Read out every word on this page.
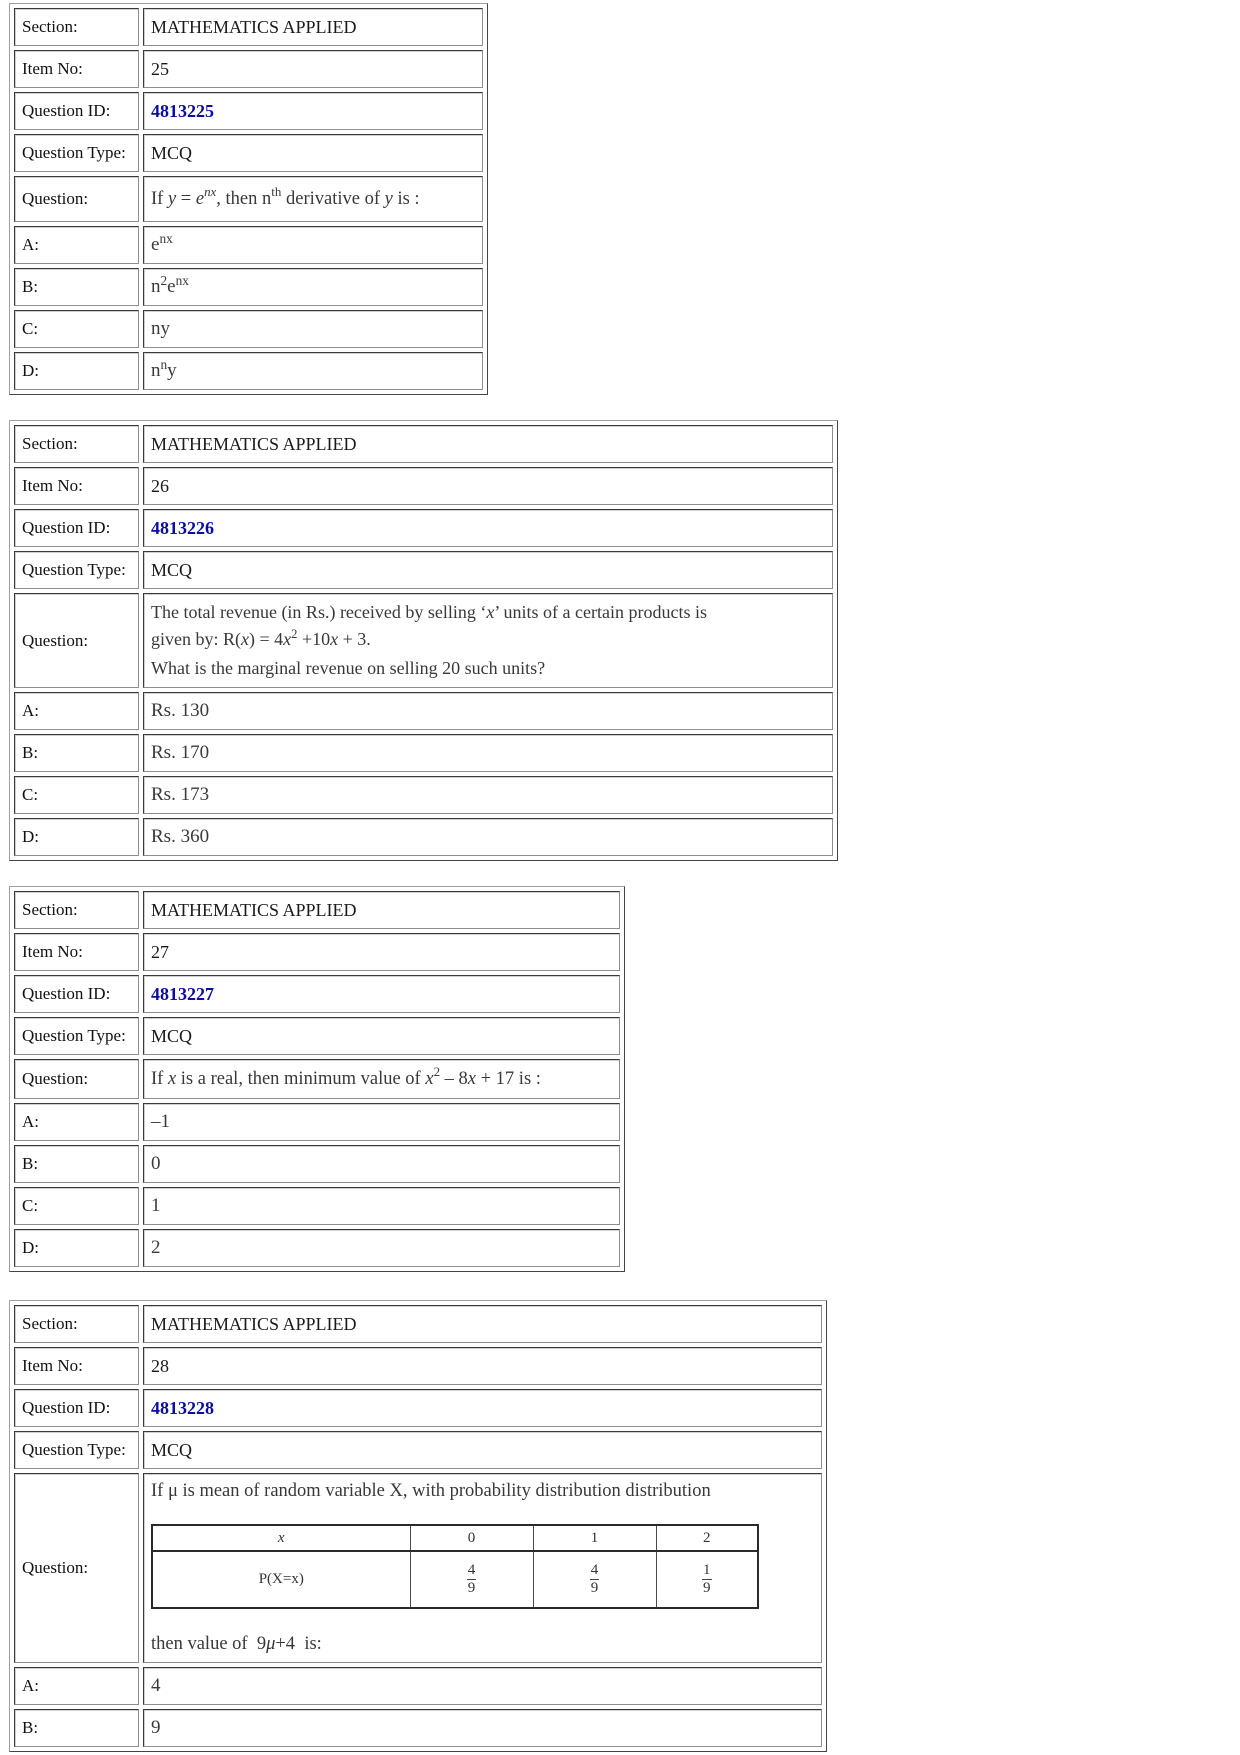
Section:	MATHEMATICS APPLIED
Item No:	25
Question ID:	4813225
Question Type:	MCQ
Question:	If $y = e^{nx}$, then $n^{th}$ derivative of y is :
A:	$e^{nx}$
B:	$n^2e^{nx}$
C:	ny
D:	$n^ny$
Section:	MATHEMATICS APPLIED
Item No:	26
Question ID:	4813226
Question Type:	MCQ
Question:	The total revenue (in Rs.) received by selling ‘x’ units of a certain products is
given by: $R(x) = 4x^2 +10x + 3$.
What is the marginal revenue on selling 20 such units?

A:	Rs. 130
B:	Rs. 170
C:	Rs. 173
D:	Rs. 360
Section:	MATHEMATICS APPLIED
Item No:	27
Question ID:	4813227
Question Type:	MCQ
Question:	If x is a real, then minimum value of $x^2 - 8x + 17$ is :
A:	–1
B:	0
C:	1
D:	2
Section:	MATHEMATICS APPLIED
Item No:	28
Question ID:	4813228
Question Type:	MCQ
Question:	
If μ is mean of random variable X, with probability distribution distribution
x	0	1	2
P(X=x)	$\frac{4}{9}$	$\frac{4}{9}$	$\frac{1}{9}$
then value of  9μ+4  is:

A:	4
B:	9
